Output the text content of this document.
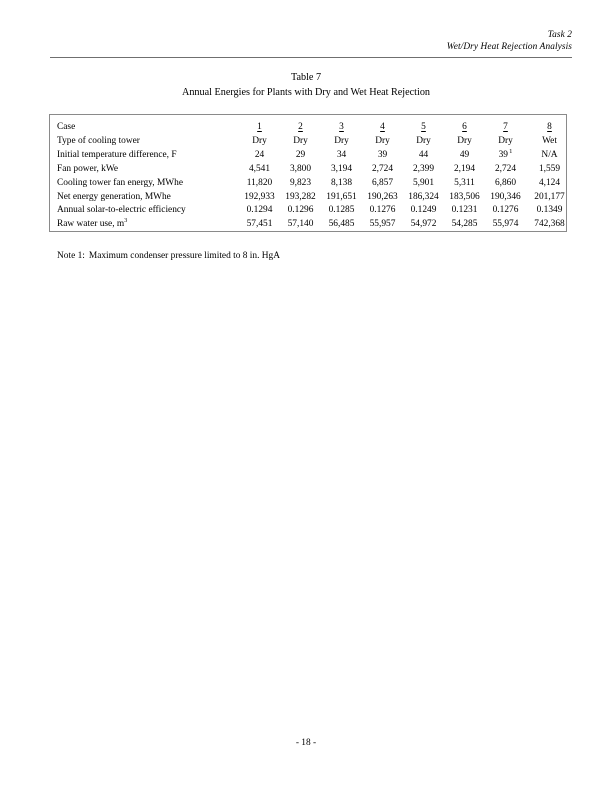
Task 2
Wet/Dry Heat Rejection Analysis
Table 7
Annual Energies for Plants with Dry and Wet Heat Rejection
Case	1	2	3	4	5	6	7	8
Type of cooling tower	Dry	Dry	Dry	Dry	Dry	Dry	Dry	Wet
Initial temperature difference, F	24	29	34	39	44	49	$39^1$	N/A
Fan power, kWe	4,541	3,800	3,194	2,724	2,399	2,194	2,724	1,559
Cooling tower fan energy, MWhe	11,820	9,823	8,138	6,857	5,901	5,311	6,860	4,124
Net energy generation, MWhe	192,933	193,282	191,651	190,263	186,324	183,506	190,346	201,177
Annual solar-to-electric efficiency	0.1294	0.1296	0.1285	0.1276	0.1249	0.1231	0.1276	0.1349
Raw water use, $m^3$	57,451	57,140	56,485	55,957	54,972	54,285	55,974	742,368
Note 1: Maximum condenser pressure limited to 8 in. HgA
- 18 -
